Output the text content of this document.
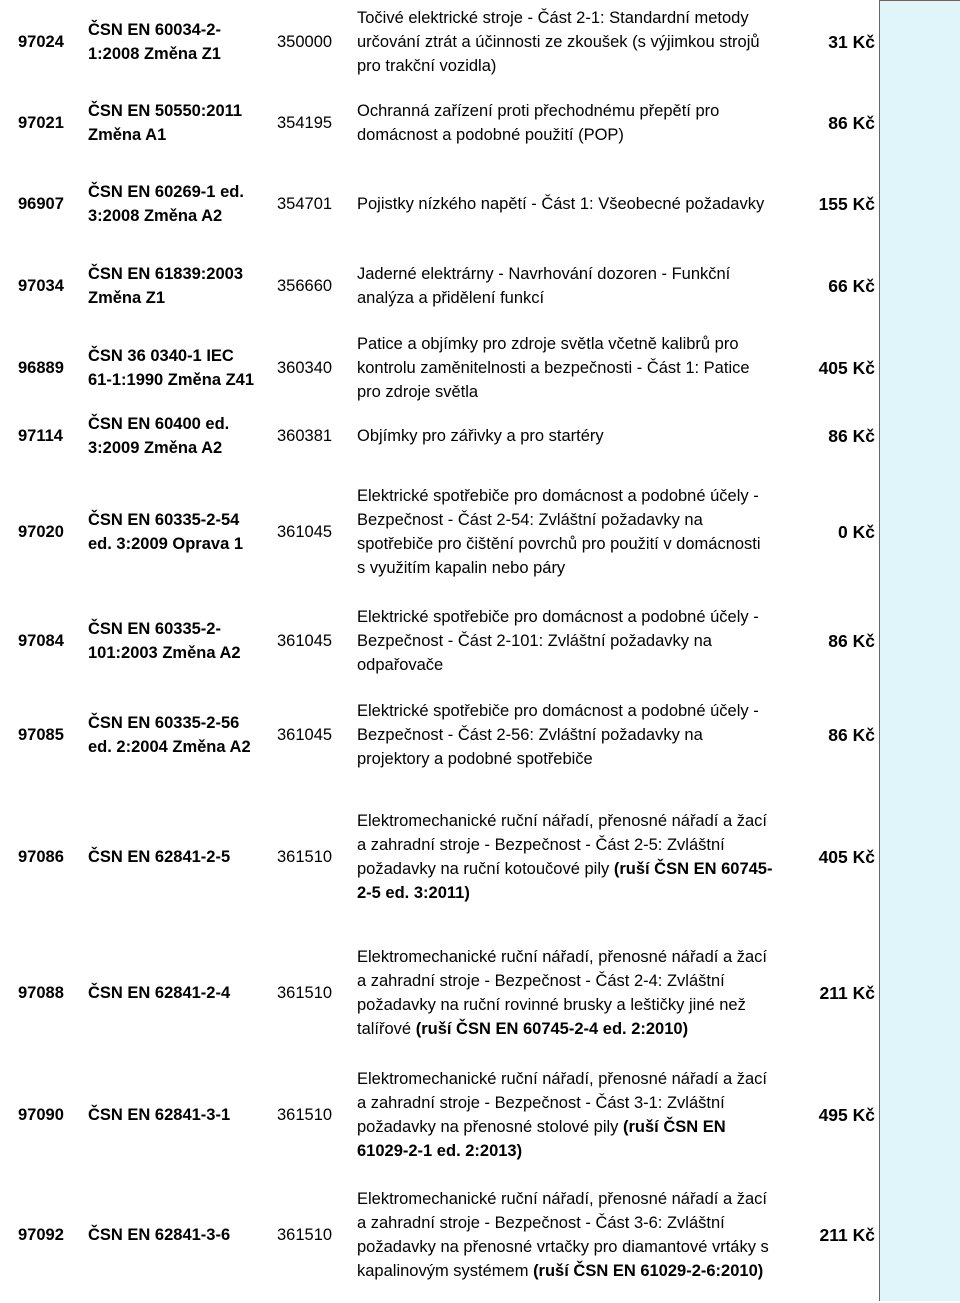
97024	ČSN EN 60034-2-1:2008 Změna Z1	350000	Točivé elektrické stroje - Část 2-1: Standardní metody určování ztrát a účinnosti ze zkoušek (s výjimkou strojů pro trakční vozidla)	31 Kč	
97021	ČSN EN 50550:2011 Změna A1	354195	Ochranná zařízení proti přechodnému přepětí pro domácnost a podobné použití (POP)	86 Kč	
96907	ČSN EN 60269-1 ed. 3:2008 Změna A2	354701	Pojistky nízkého napětí - Část 1: Všeobecné požadavky	155 Kč	
97034	ČSN EN 61839:2003 Změna Z1	356660	Jaderné elektrárny - Navrhování dozoren - Funkční analýza a přidělení funkcí	66 Kč	
96889	ČSN 36 0340-1 IEC 61-1:1990 Změna Z41	360340	Patice a objímky pro zdroje světla včetně kalibrů pro kontrolu zaměnitelnosti a bezpečnosti - Část 1: Patice pro zdroje světla	405 Kč	
97114	ČSN EN 60400 ed. 3:2009 Změna A2	360381	Objímky pro zářivky a pro startéry	86 Kč	
97020	ČSN EN 60335-2-54 ed. 3:2009 Oprava 1	361045	Elektrické spotřebiče pro domácnost a podobné účely - Bezpečnost - Část 2-54: Zvláštní požadavky na spotřebiče pro čištění povrchů pro použití v domácnosti s využitím kapalin nebo páry	0 Kč	
97084	ČSN EN 60335-2-101:2003 Změna A2	361045	Elektrické spotřebiče pro domácnost a podobné účely - Bezpečnost - Část 2-101: Zvláštní požadavky na odpařovače	86 Kč	
97085	ČSN EN 60335-2-56 ed. 2:2004 Změna A2	361045	Elektrické spotřebiče pro domácnost a podobné účely - Bezpečnost - Část 2-56: Zvláštní požadavky na projektory a podobné spotřebiče	86 Kč	
97086	ČSN EN 62841-2-5	361510	Elektromechanické ruční nářadí, přenosné nářadí a žací a zahradní stroje - Bezpečnost - Část 2-5: Zvláštní požadavky na ruční kotoučové pily (ruší ČSN EN 60745-2-5 ed. 3:2011)	405 Kč	
97088	ČSN EN 62841-2-4	361510	Elektromechanické ruční nářadí, přenosné nářadí a žací a zahradní stroje - Bezpečnost - Část 2-4: Zvláštní požadavky na ruční rovinné brusky a leštičky jiné než talířové (ruší ČSN EN 60745-2-4 ed. 2:2010)	211 Kč	
97090	ČSN EN 62841-3-1	361510	Elektromechanické ruční nářadí, přenosné nářadí a žací a zahradní stroje - Bezpečnost - Část 3-1: Zvláštní požadavky na přenosné stolové pily (ruší ČSN EN 61029-2-1 ed. 2:2013)	495 Kč	
97092	ČSN EN 62841-3-6	361510	Elektromechanické ruční nářadí, přenosné nářadí a žací a zahradní stroje - Bezpečnost - Část 3-6: Zvláštní požadavky na přenosné vrtačky pro diamantové vrtáky s kapalinovým systémem (ruší ČSN EN 61029-2-6:2010)	211 Kč	
